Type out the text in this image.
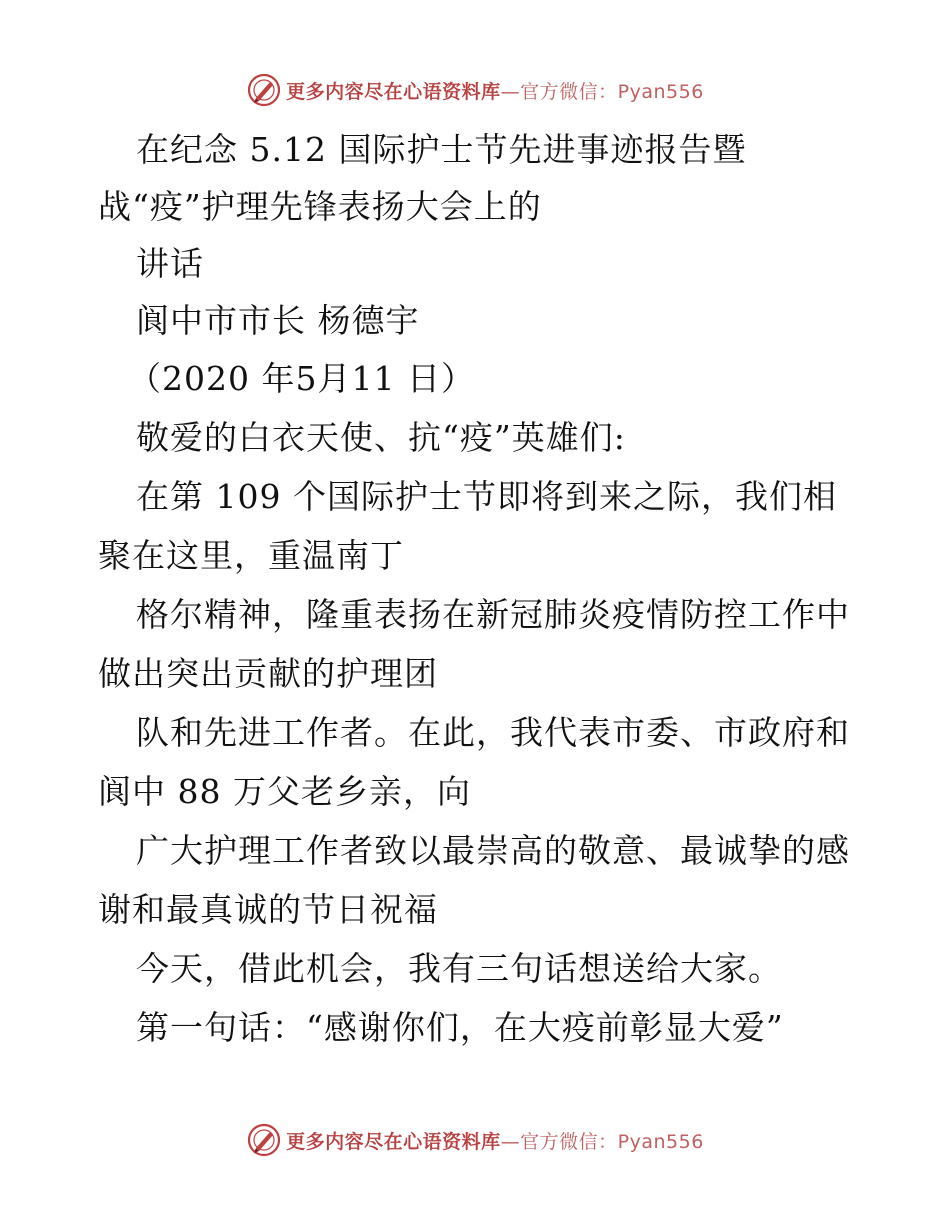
更多内容尽在心语资料库—官方微信：Pyan556
在纪念 5.12 国际护士节先进事迹报告暨
战“疫”护理先锋表扬大会上的
讲话
阆中市市长 杨德宇
（2020 年5月11 日）
敬爱的白衣天使、抗“疫”英雄们:
在第 109 个国际护士节即将到来之际，我们相
聚在这里，重温南丁
格尔精神，隆重表扬在新冠肺炎疫情防控工作中
做出突出贡献的护理团
队和先进工作者。在此，我代表市委、市政府和
阆中 88 万父老乡亲，向
广大护理工作者致以最崇高的敬意、最诚挚的感
谢和最真诚的节日祝福
今天，借此机会，我有三句话想送给大家。
第一句话：“感谢你们，在大疫前彰显大爱”
更多内容尽在心语资料库—官方微信：Pyan556
